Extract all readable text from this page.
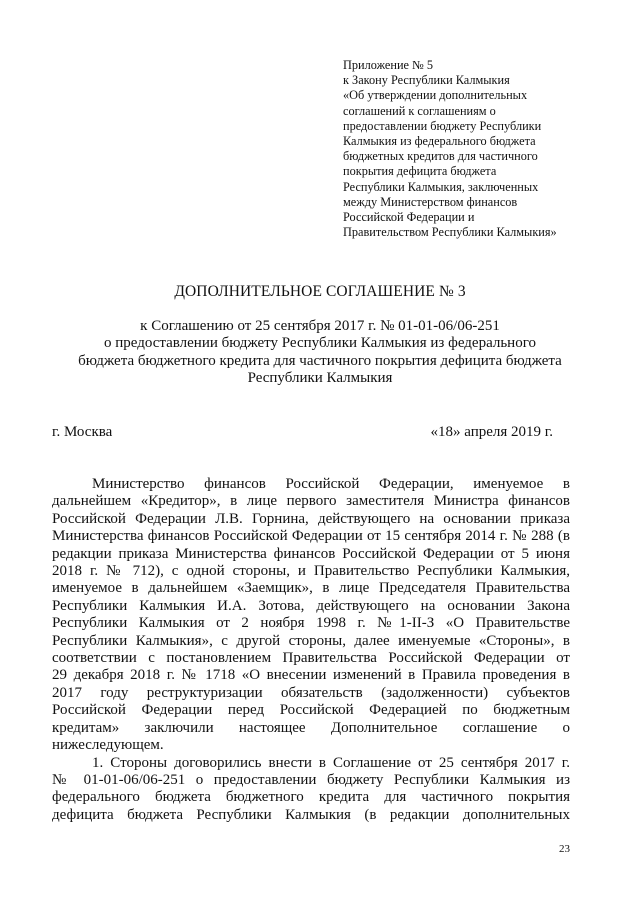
Приложение № 5
к Закону Республики Калмыкия
«Об утверждении дополнительных
соглашений к соглашениям о
предоставлении бюджету Республики
Калмыкия из федерального бюджета
бюджетных кредитов для частичного
покрытия дефицита бюджета
Республики Калмыкия, заключенных
между Министерством финансов
Российской Федерации и
Правительством Республики Калмыкия»
ДОПОЛНИТЕЛЬНОЕ СОГЛАШЕНИЕ № 3
к Соглашению от 25 сентября 2017 г. № 01-01-06/06-251
о предоставлении бюджету Республики Калмыкия из федерального
бюджета бюджетного кредита для частичного покрытия дефицита бюджета
Республики Калмыкия
г. Москва	«18» апреля 2019 г.
Министерство финансов Российской Федерации, именуемое в
дальнейшем «Кредитор», в лице первого заместителя Министра финансов
Российской Федерации Л.В. Горнина, действующего на основании приказа
Министерства финансов Российской Федерации от 15 сентября 2014 г. № 288 (в
редакции приказа Министерства финансов Российской Федерации от 5 июня
2018 г. № 712), с одной стороны, и Правительство Республики Калмыкия,
именуемое в дальнейшем «Заемщик», в лице Председателя Правительства
Республики Калмыкия И.А. Зотова, действующего на основании Закона
Республики Калмыкия от 2 ноября 1998 г. №1-II-З «О Правительстве
Республики Калмыкия», с другой стороны, далее именуемые «Стороны», в
соответствии с постановлением Правительства Российской Федерации от
29 декабря 2018 г. № 1718 «О внесении изменений в Правила проведения в
2017 году реструктуризации обязательств (задолженности) субъектов
Российской Федерации перед Российской Федерацией по бюджетным
кредитам» заключили настоящее Дополнительное соглашение о
нижеследующем.
1. Стороны договорились внести в Соглашение от 25 сентября 2017 г.
№ 01-01-06/06-251 о предоставлении бюджету Республики Калмыкия из
федерального бюджета бюджетного кредита для частичного покрытия
дефицита бюджета Республики Калмыкия (в редакции дополнительных
23
